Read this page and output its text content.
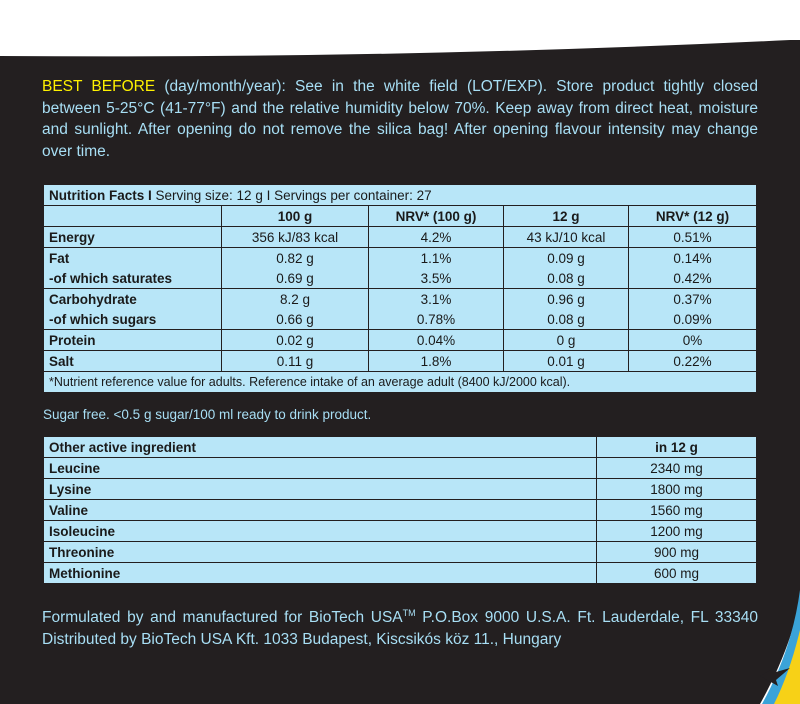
BEST BEFORE (day/month/year): See in the white field (LOT/EXP). Store product tightly closed between 5-25°C (41-77°F) and the relative humidity below 70%. Keep away from direct heat, moisture and sunlight. After opening do not remove the silica bag! After opening flavour intensity may change over time.
Nutrition Facts I Serving size: 12 g I Servings per container: 27				
	100 g	NRV* (100 g)	12 g	NRV* (12 g)
Energy	356 kJ/83 kcal	4.2%	43 kJ/10 kcal	0.51%
Fat	0.82 g	1.1%	0.09 g	0.14%
-of which saturates	0.69 g	3.5%	0.08 g	0.42%
Carbohydrate	8.2 g	3.1%	0.96 g	0.37%
-of which sugars	0.66 g	0.78%	0.08 g	0.09%
Protein	0.02 g	0.04%	0 g	0%
Salt	0.11 g	1.8%	0.01 g	0.22%
*Nutrient reference value for adults. Reference intake of an average adult (8400 kJ/2000 kcal).				
Sugar free. <0.5 g sugar/100 ml ready to drink product.
Other active ingredient	in 12 g
Leucine	2340 mg
Lysine	1800 mg
Valine	1560 mg
Isoleucine	1200 mg
Threonine	900 mg
Methionine	600 mg
Formulated by and manufactured for BioTech USA™ P.O.Box 9000 U.S.A. Ft. Lauderdale, FL 33340 Distributed by BioTech USA Kft. 1033 Budapest, Kiscsikós köz 11., Hungary
